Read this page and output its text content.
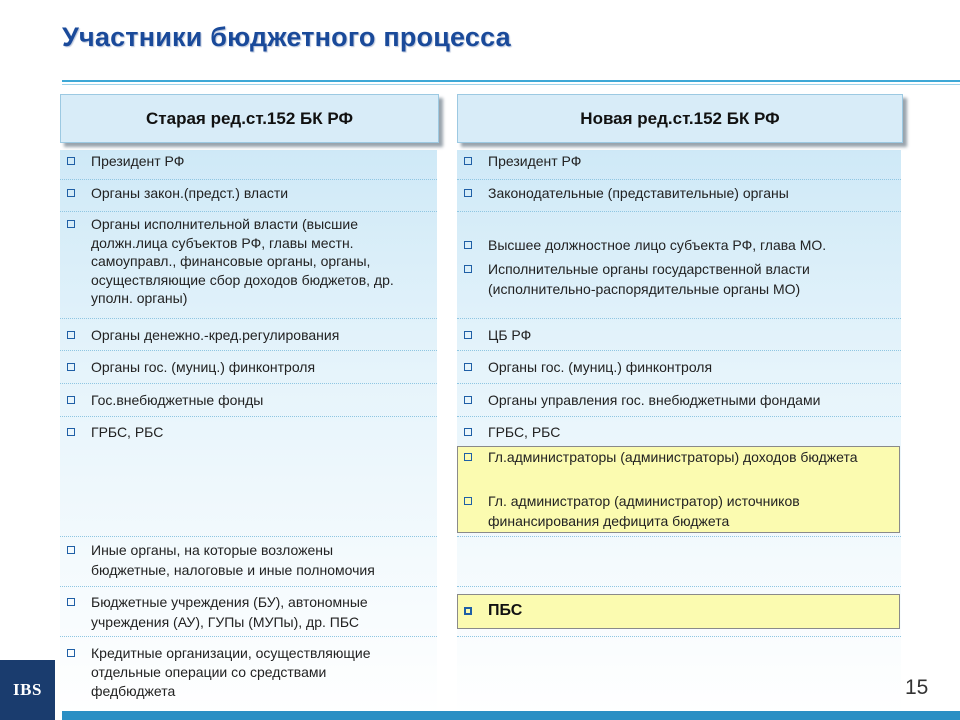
Участники бюджетного процесса
Старая ред.ст.152 БК РФ	Новая ред.ст.152 БК РФ
Президент РФ
Органы закон.(предст.) власти
Органы исполнительной власти (высшие должн.лица субъектов РФ, главы местн. самоуправл., финансовые органы, органы, осуществляющие сбор доходов бюджетов, др. уполн. органы)
Органы денежно.-кред.регулирования
Органы гос. (муниц.) финконтроля
Гос.внебюджетные фонды
ГРБС, РБС
Иные органы, на которые возложены бюджетные, налоговые и иные полномочия
Бюджетные учреждения (БУ), автономные учреждения (АУ), ГУПы (МУПы), др. ПБС
Кредитные организации, осуществляющие отдельные операции со средствами федбюджета
Президент РФ
Законодательные (представительные) органы
Высшее должностное лицо субъекта РФ, глава МО.
Исполнительные органы государственной власти (исполнительно-распорядительные органы МО)
ЦБ РФ
Органы гос. (муниц.) финконтроля
Органы управления гос. внебюджетными фондами
ГРБС, РБС
Гл.администраторы (администраторы) доходов бюджета
Гл. администратор (администратор) источников финансирования дефицита бюджета
ПБС
IBS	15
